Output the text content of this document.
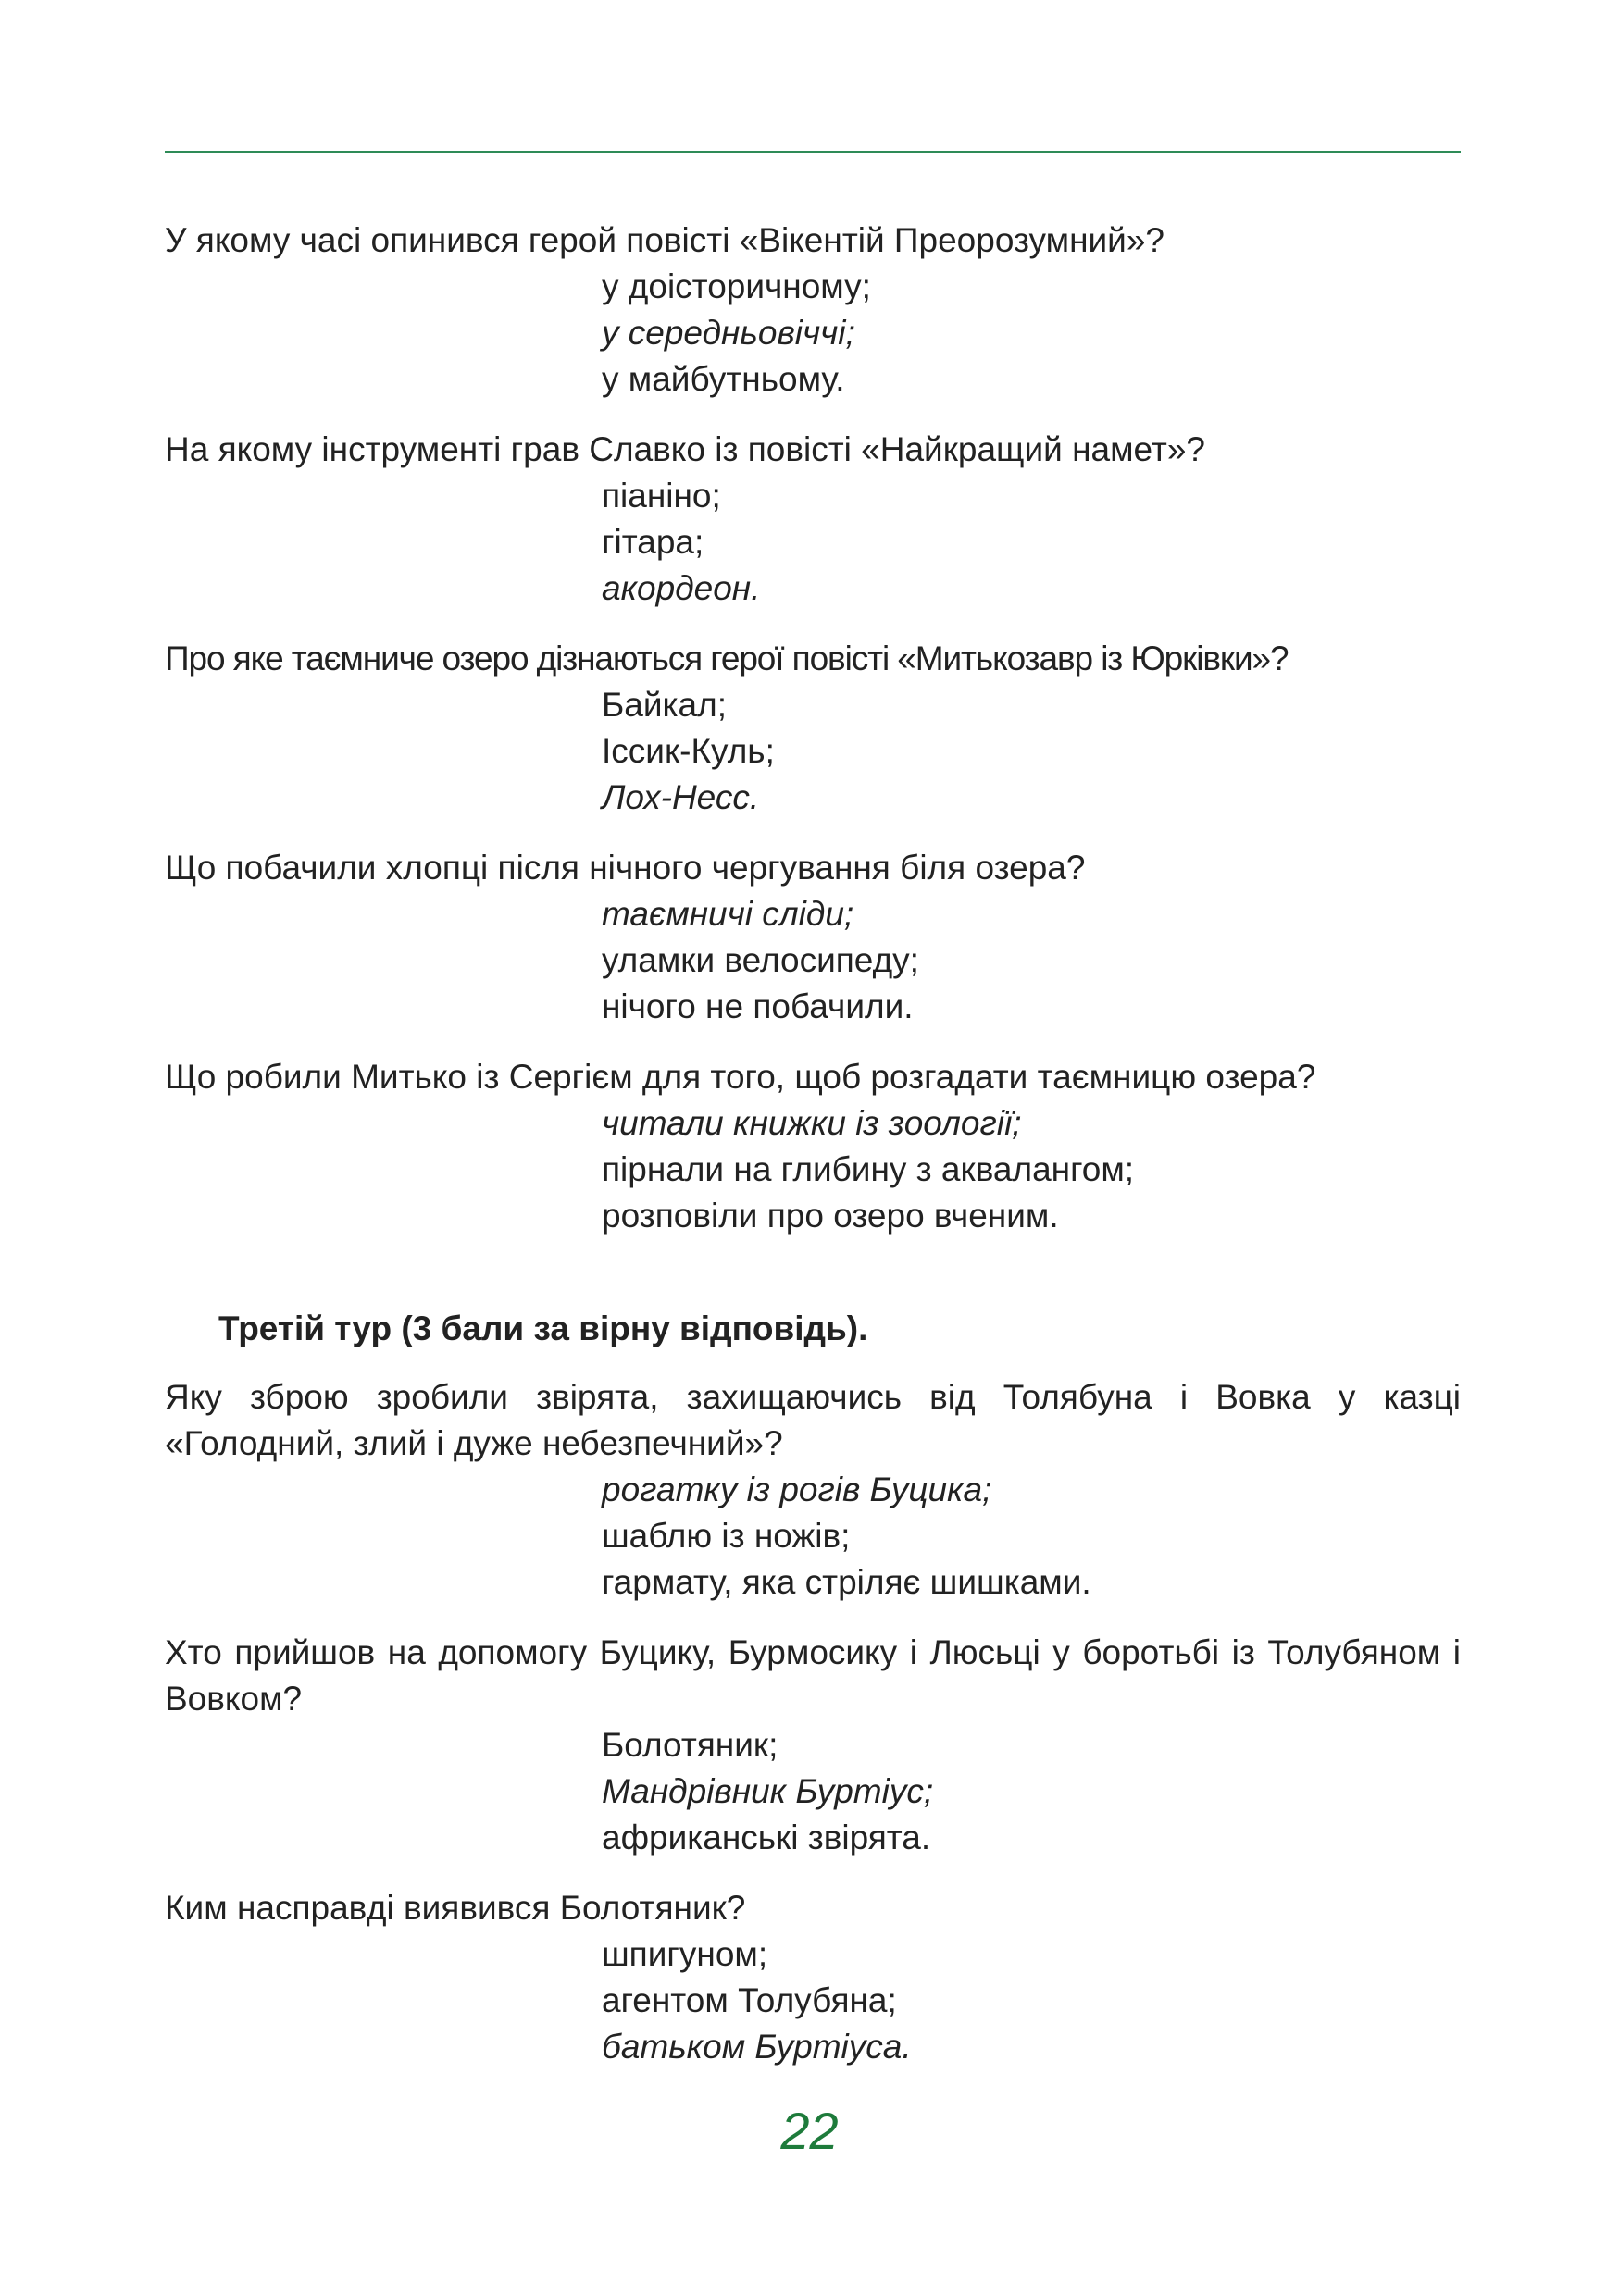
У якому часі опинився герой повісті «Вікентій Преорозумний»?

у доісторичному;
у середньовіччі;
у майбутньому.

На якому інструменті грав Славко із повісті «Найкращий намет»?

піаніно;
гітара;
акордеон.

Про яке таємниче озеро дізнаються герої повісті «Митькозавр із Юрківки»?

Байкал;
Іссик-Куль;
Лох-Несс.

Що побачили хлопці після нічного чергування біля озера?

таємничі сліди;
уламки велосипеду;
нічого не побачили.

Що робили Митько із Сергієм для того, щоб розгадати таємницю озера?

читали книжки із зоології;
пірнали на глибину з аквалангом;
розповіли про озеро вченим.

Третій тур (3 бали за вірну відповідь).

Яку зброю зробили звірята, захищаючись від Толябуна і Вовка у казці «Голодний, злий і дуже небезпечний»?

рогатку із рогів Буцика;
шаблю із ножів;
гармату, яка стріляє шишками.

Хто прийшов на допомогу Буцику, Бурмосику і Люсьці у боротьбі із Толубяном і Вовком?

Болотяник;
Мандрівник Буртіус;
африканські звірята.

Ким насправді виявився Болотяник?

шпигуном;
агентом Толубяна;
батьком Буртіуса.
22
